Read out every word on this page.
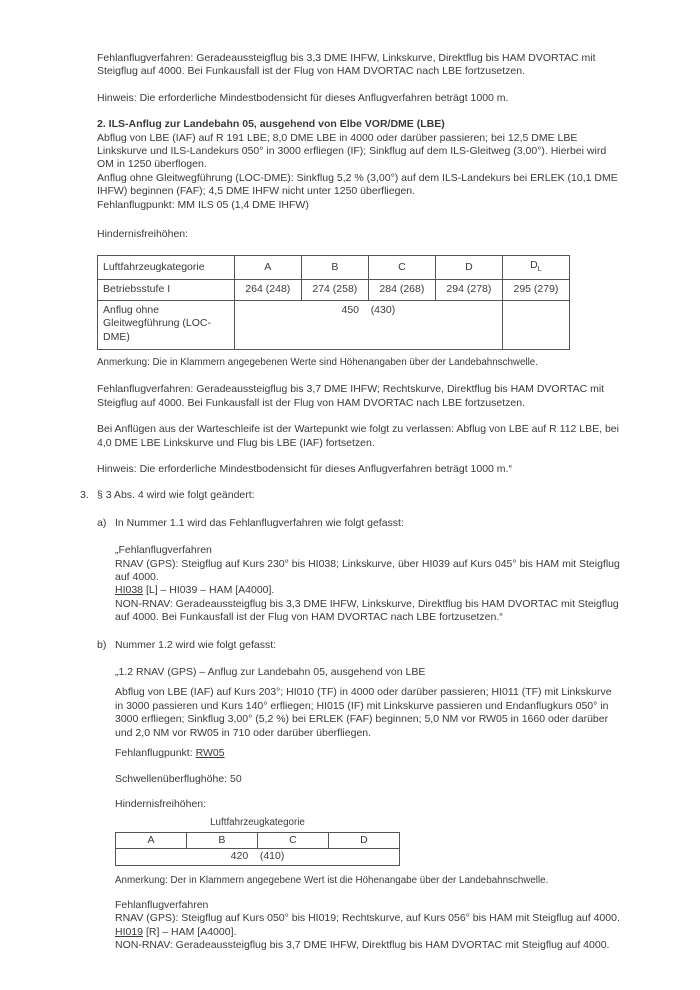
Fehlanflugverfahren: Geradeaussteigflug bis 3,3 DME IHFW, Linkskurve, Direktflug bis HAM DVORTAC mit Steigflug auf 4000. Bei Funkausfall ist der Flug von HAM DVORTAC nach LBE fortzusetzen.

Hinweis: Die erforderliche Mindestbodensicht für dieses Anflugverfahren beträgt 1000 m.

2. ILS-Anflug zur Landebahn 05, ausgehend von Elbe VOR/DME (LBE)

Abflug von LBE (IAF) auf R 191 LBE; 8,0 DME LBE in 4000 oder darüber passieren; bei 12,5 DME LBE Linkskurve und ILS-Landekurs 050° in 3000 erfliegen (IF); Sinkflug auf dem ILS-Gleitweg (3,00°). Hierbei wird OM in 1250 überflogen.

Anflug ohne Gleitwegführung (LOC-DME): Sinkflug 5,2 % (3,00°) auf dem ILS-Landekurs bei ERLEK (10,1 DME IHFW) beginnen (FAF); 4,5 DME IHFW nicht unter 1250 überfliegen.

Fehlanflugpunkt: MM ILS 05 (1,4 DME IHFW)

Hindernisfreihöhen:

Luftfahrzeugkategorie	A	B	C	D	$D_L$
Betriebsstufe I	264 (248)	274 (258)	284 (268)	294 (278)	295 (279)
Anflug ohne Gleitwegführung (LOC-DME)	450    (430)				

Anmerkung: Die in Klammern angegebenen Werte sind Höhenangaben über der Landebahnschwelle.

Fehlanflugverfahren: Geradeaussteigflug bis 3,7 DME IHFW; Rechtskurve, Direktflug bis HAM DVORTAC mit Steigflug auf 4000. Bei Funkausfall ist der Flug von HAM DVORTAC nach LBE fortzusetzen.

Bei Anflügen aus der Warteschleife ist der Wartepunkt wie folgt zu verlassen: Abflug von LBE auf R 112 LBE, bei 4,0 DME LBE Linkskurve und Flug bis LBE (IAF) fortsetzen.

Hinweis: Die erforderliche Mindestbodensicht für dieses Anflugverfahren beträgt 1000 m.“

3. § 3 Abs. 4 wird wie folgt geändert:
a) In Nummer 1.1 wird das Fehlanflugverfahren wie folgt gefasst:

„Fehlanflugverfahren

RNAV (GPS): Steigflug auf Kurs 230° bis HI038; Linkskurve, über HI039 auf Kurs 045° bis HAM mit Steigflug auf 4000.

HI038 [L] – HI039 – HAM [A4000].

NON-RNAV: Geradeaussteigflug bis 3,3 DME IHFW, Linkskurve, Direktflug bis HAM DVORTAC mit Steigflug auf 4000. Bei Funkausfall ist der Flug von HAM DVORTAC nach LBE fortzusetzen.“

b) Nummer 1.2 wird wie folgt gefasst:

„1.2 RNAV (GPS) – Anflug zur Landebahn 05, ausgehend von LBE

Abflug von LBE (IAF) auf Kurs 203°; HI010 (TF) in 4000 oder darüber passieren; HI011 (TF) mit Linkskurve in 3000 passieren und Kurs 140° erfliegen; HI015 (IF) mit Linkskurve passieren und Endanflugkurs 050° in 3000 erfliegen; Sinkflug 3,00° (5,2 %) bei ERLEK (FAF) beginnen; 5,0 NM vor RW05 in 1660 oder darüber und 2,0 NM vor RW05 in 710 oder darüber überfliegen.

Fehlanflugpunkt: RW05

Schwellenüberflughöhe: 50

Hindernisfreihöhen:

Luftfahrzeugkategorie
A	B	C	D
420    (410)

Anmerkung: Der in Klammern angegebene Wert ist die Höhenangabe über der Landebahnschwelle.

Fehlanflugverfahren

RNAV (GPS): Steigflug auf Kurs 050° bis HI019; Rechtskurve, auf Kurs 056° bis HAM mit Steigflug auf 4000.

HI019 [R] – HAM [A4000].

NON-RNAV: Geradeaussteigflug bis 3,7 DME IHFW, Direktflug bis HAM DVORTAC mit Steigflug auf 4000.
